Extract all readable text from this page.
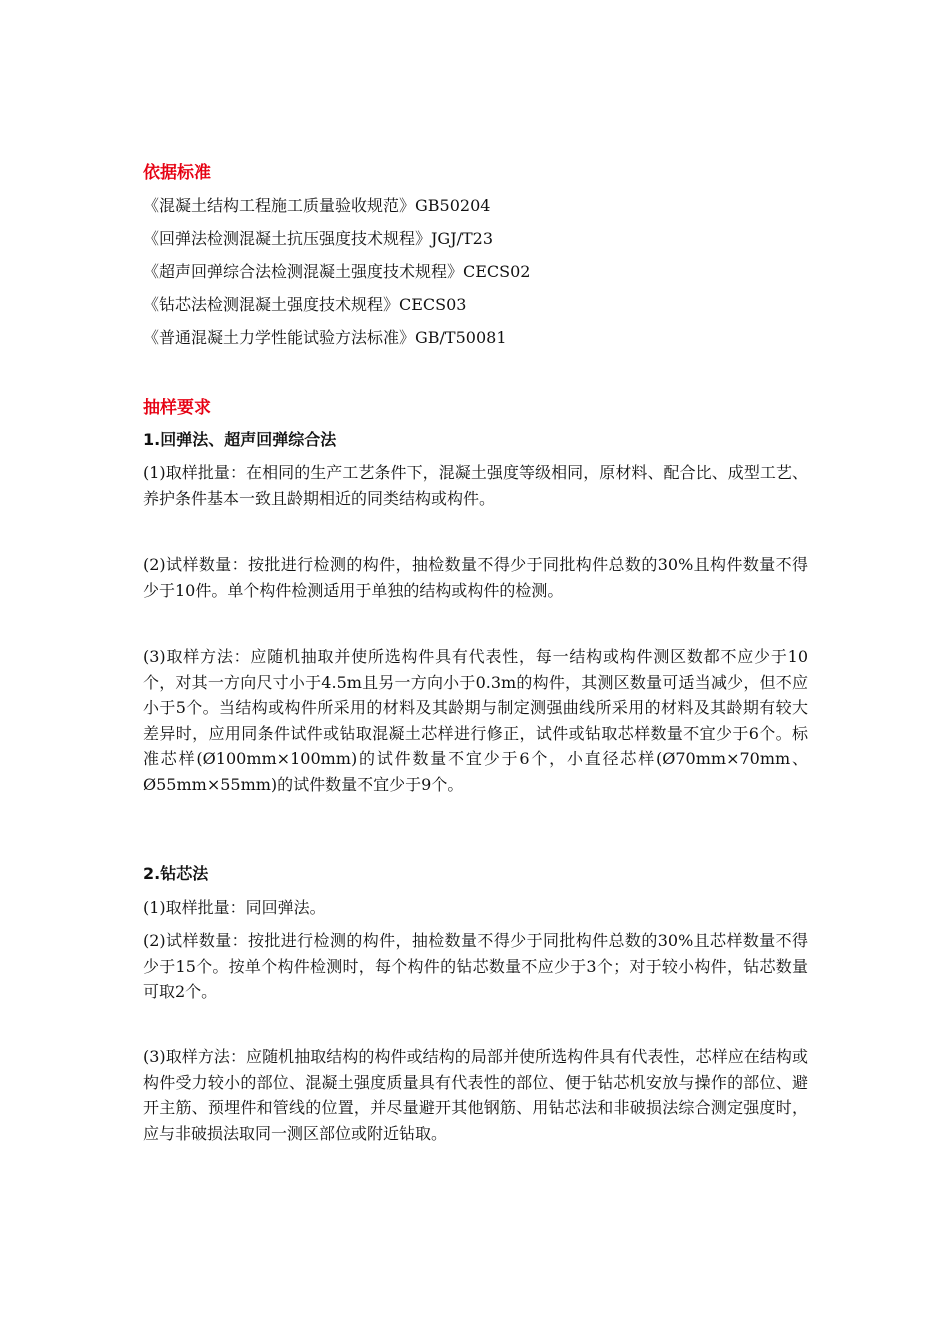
依据标准
《混凝土结构工程施工质量验收规范》GB50204
《回弹法检测混凝土抗压强度技术规程》JGJ/T23
《超声回弹综合法检测混凝土强度技术规程》CECS02
《钻芯法检测混凝土强度技术规程》CECS03
《普通混凝土力学性能试验方法标准》GB/T50081
抽样要求
1.回弹法、超声回弹综合法

(1)取样批量：在相同的生产工艺条件下，混凝土强度等级相同，原材料、配合比、成型工艺、养护条件基本一致且龄期相近的同类结构或构件。

(2)试样数量：按批进行检测的构件，抽检数量不得少于同批构件总数的30%且构件数量不得少于10件。单个构件检测适用于单独的结构或构件的检测。

(3)取样方法：应随机抽取并使所选构件具有代表性，每一结构或构件测区数都不应少于10个，对其一方向尺寸小于4.5m且另一方向小于0.3m的构件，其测区数量可适当减少，但不应小于5个。当结构或构件所采用的材料及其龄期与制定测强曲线所采用的材料及其龄期有较大差异时，应用同条件试件或钻取混凝土芯样进行修正，试件或钻取芯样数量不宜少于6个。标准芯样(Ø100mm×100mm)的试件数量不宜少于6个，小直径芯样(Ø70mm×70mm、Ø55mm×55mm)的试件数量不宜少于9个。

2.钻芯法

(1)取样批量：同回弹法。

(2)试样数量：按批进行检测的构件，抽检数量不得少于同批构件总数的30%且芯样数量不得少于15个。按单个构件检测时，每个构件的钻芯数量不应少于3个；对于较小构件，钻芯数量可取2个。

(3)取样方法：应随机抽取结构的构件或结构的局部并使所选构件具有代表性，芯样应在结构或构件受力较小的部位、混凝土强度质量具有代表性的部位、便于钻芯机安放与操作的部位、避开主筋、预埋件和管线的位置，并尽量避开其他钢筋、用钻芯法和非破损法综合测定强度时，应与非破损法取同一测区部位或附近钻取。
